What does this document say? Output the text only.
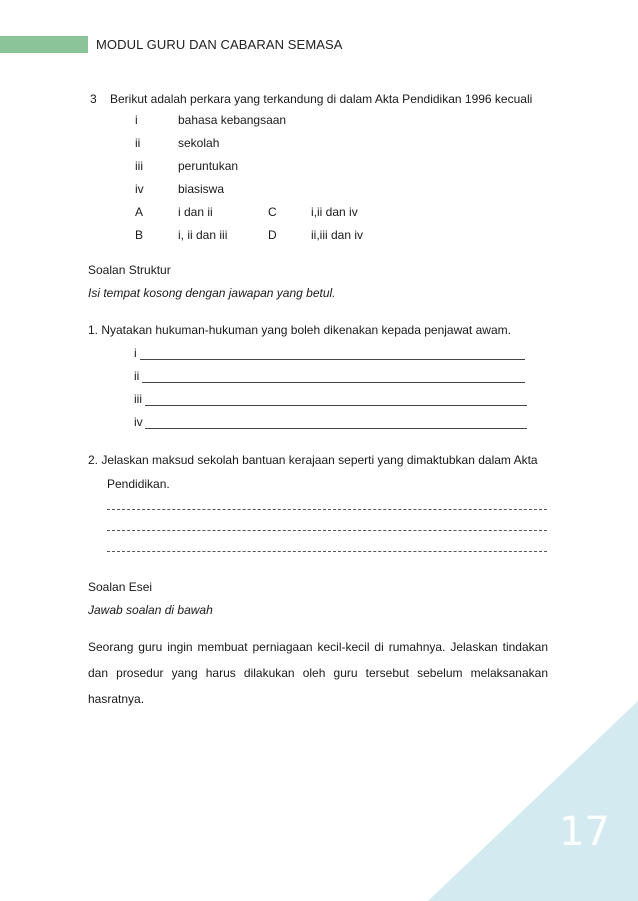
MODUL GURU DAN CABARAN SEMASA
3 Berikut adalah perkara yang terkandung di dalam Akta Pendidikan 1996 kecuali
i	bahasa kebangsaan
ii	sekolah
iii	peruntukan
iv	biasiswa
A	i dan ii	C	i,ii dan iv
B	i, ii dan iii	D	ii,iii dan iv
Soalan Struktur
Isi tempat kosong dengan jawapan yang betul.
1. Nyatakan hukuman-hukuman yang boleh dikenakan kepada penjawat awam.
i
ii
iii
iv
2. Jelaskan maksud sekolah bantuan kerajaan seperti yang dimaktubkan dalam Akta
Pendidikan.
Soalan Esei
Jawab soalan di bawah
Seorang guru ingin membuat perniagaan kecil-kecil di rumahnya. Jelaskan tindakan dan prosedur yang harus dilakukan oleh guru tersebut sebelum melaksanakan hasratnya.
17
